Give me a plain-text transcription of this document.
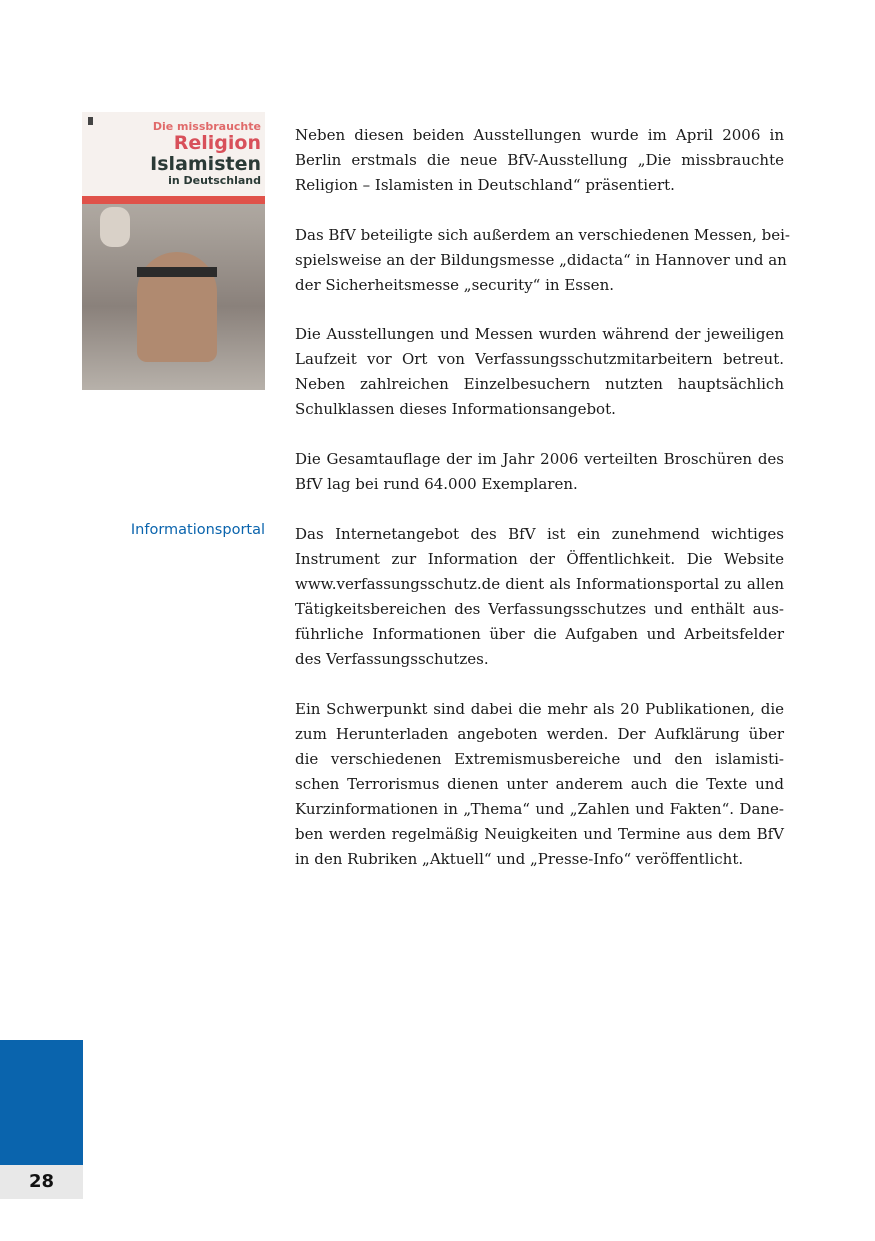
Die missbrauchte
Religion
Islamisten
in Deutschland
Informationsportal
Neben diesen beiden Ausstellungen wurde im April 2006 in
Berlin erstmals die neue BfV-Ausstellung „Die missbrauchte
Religion – Islamisten in Deutschland“ präsentiert.
Das BfV beteiligte sich außerdem an verschiedenen Messen, bei-
spielsweise an der Bildungsmesse „didacta“ in Hannover und an
der Sicherheitsmesse „security“ in Essen.
Die Ausstellungen und Messen wurden während der jeweiligen
Laufzeit vor Ort von Verfassungsschutzmitarbeitern betreut.
Neben zahlreichen Einzelbesuchern nutzten hauptsächlich
Schulklassen dieses Informationsangebot.
Die Gesamtauflage der im Jahr 2006 verteilten Broschüren des
BfV lag bei rund 64.000 Exemplaren.
Das Internetangebot des BfV ist ein zunehmend wichtiges
Instrument zur Information der Öffentlichkeit. Die Website
www.verfassungsschutz.de dient als Informationsportal zu allen
Tätigkeitsbereichen des Verfassungsschutzes und enthält aus-
führliche Informationen über die Aufgaben und Arbeitsfelder
des Verfassungsschutzes.
Ein Schwerpunkt sind dabei die mehr als 20 Publikationen, die
zum Herunterladen angeboten werden. Der Aufklärung über
die verschiedenen Extremismusbereiche und den islamisti-
schen Terrorismus dienen unter anderem auch die Texte und
Kurzinformationen in „Thema“ und „Zahlen und Fakten“. Dane-
ben werden regelmäßig Neuigkeiten und Termine aus dem BfV
in den Rubriken „Aktuell“ und „Presse-Info“ veröffentlicht.
28
